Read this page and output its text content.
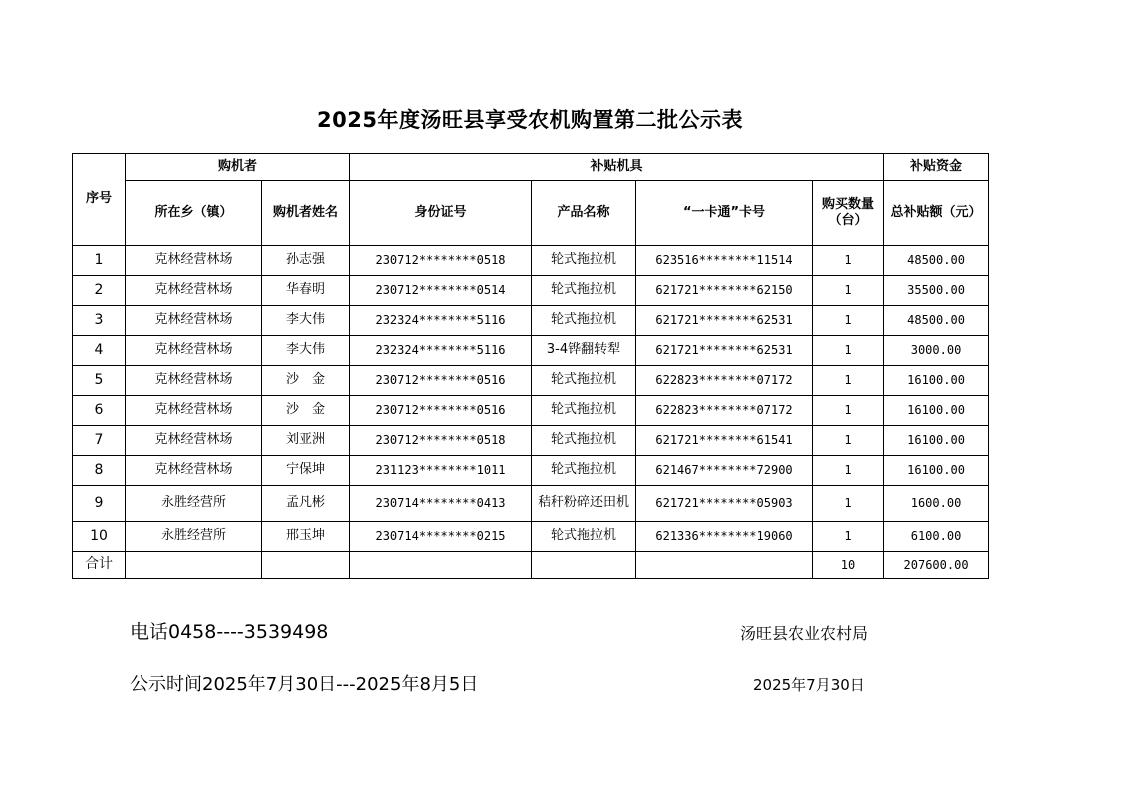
2025年度汤旺县享受农机购置第二批公示表
序号	购机者		补贴机具				补贴资金
	所在乡（镇）	购机者姓名	身份证号	产品名称	“一卡通”卡号	购买数量（台）	总补贴额（元）
1	克林经营林场	孙志强	230712********0518	轮式拖拉机	623516********11514	1	48500.00
2	克林经营林场	华春明	230712********0514	轮式拖拉机	621721********62150	1	35500.00
3	克林经营林场	李大伟	232324********5116	轮式拖拉机	621721********62531	1	48500.00
4	克林经营林场	李大伟	232324********5116	3-4铧翻转犁	621721********62531	1	3000.00
5	克林经营林场	沙　金	230712********0516	轮式拖拉机	622823********07172	1	16100.00
6	克林经营林场	沙　金	230712********0516	轮式拖拉机	622823********07172	1	16100.00
7	克林经营林场	刘亚洲	230712********0518	轮式拖拉机	621721********61541	1	16100.00
8	克林经营林场	宁保坤	231123********1011	轮式拖拉机	621467********72900	1	16100.00
9	永胜经营所	孟凡彬	230714********0413	秸秆粉碎还田机	621721********05903	1	1600.00
10	永胜经营所	邢玉坤	230714********0215	轮式拖拉机	621336********19060	1	6100.00
合计						10	207600.00
电话0458----3539498
公示时间2025年7月30日---2025年8月5日
汤旺县农业农村局
2025年7月30日
